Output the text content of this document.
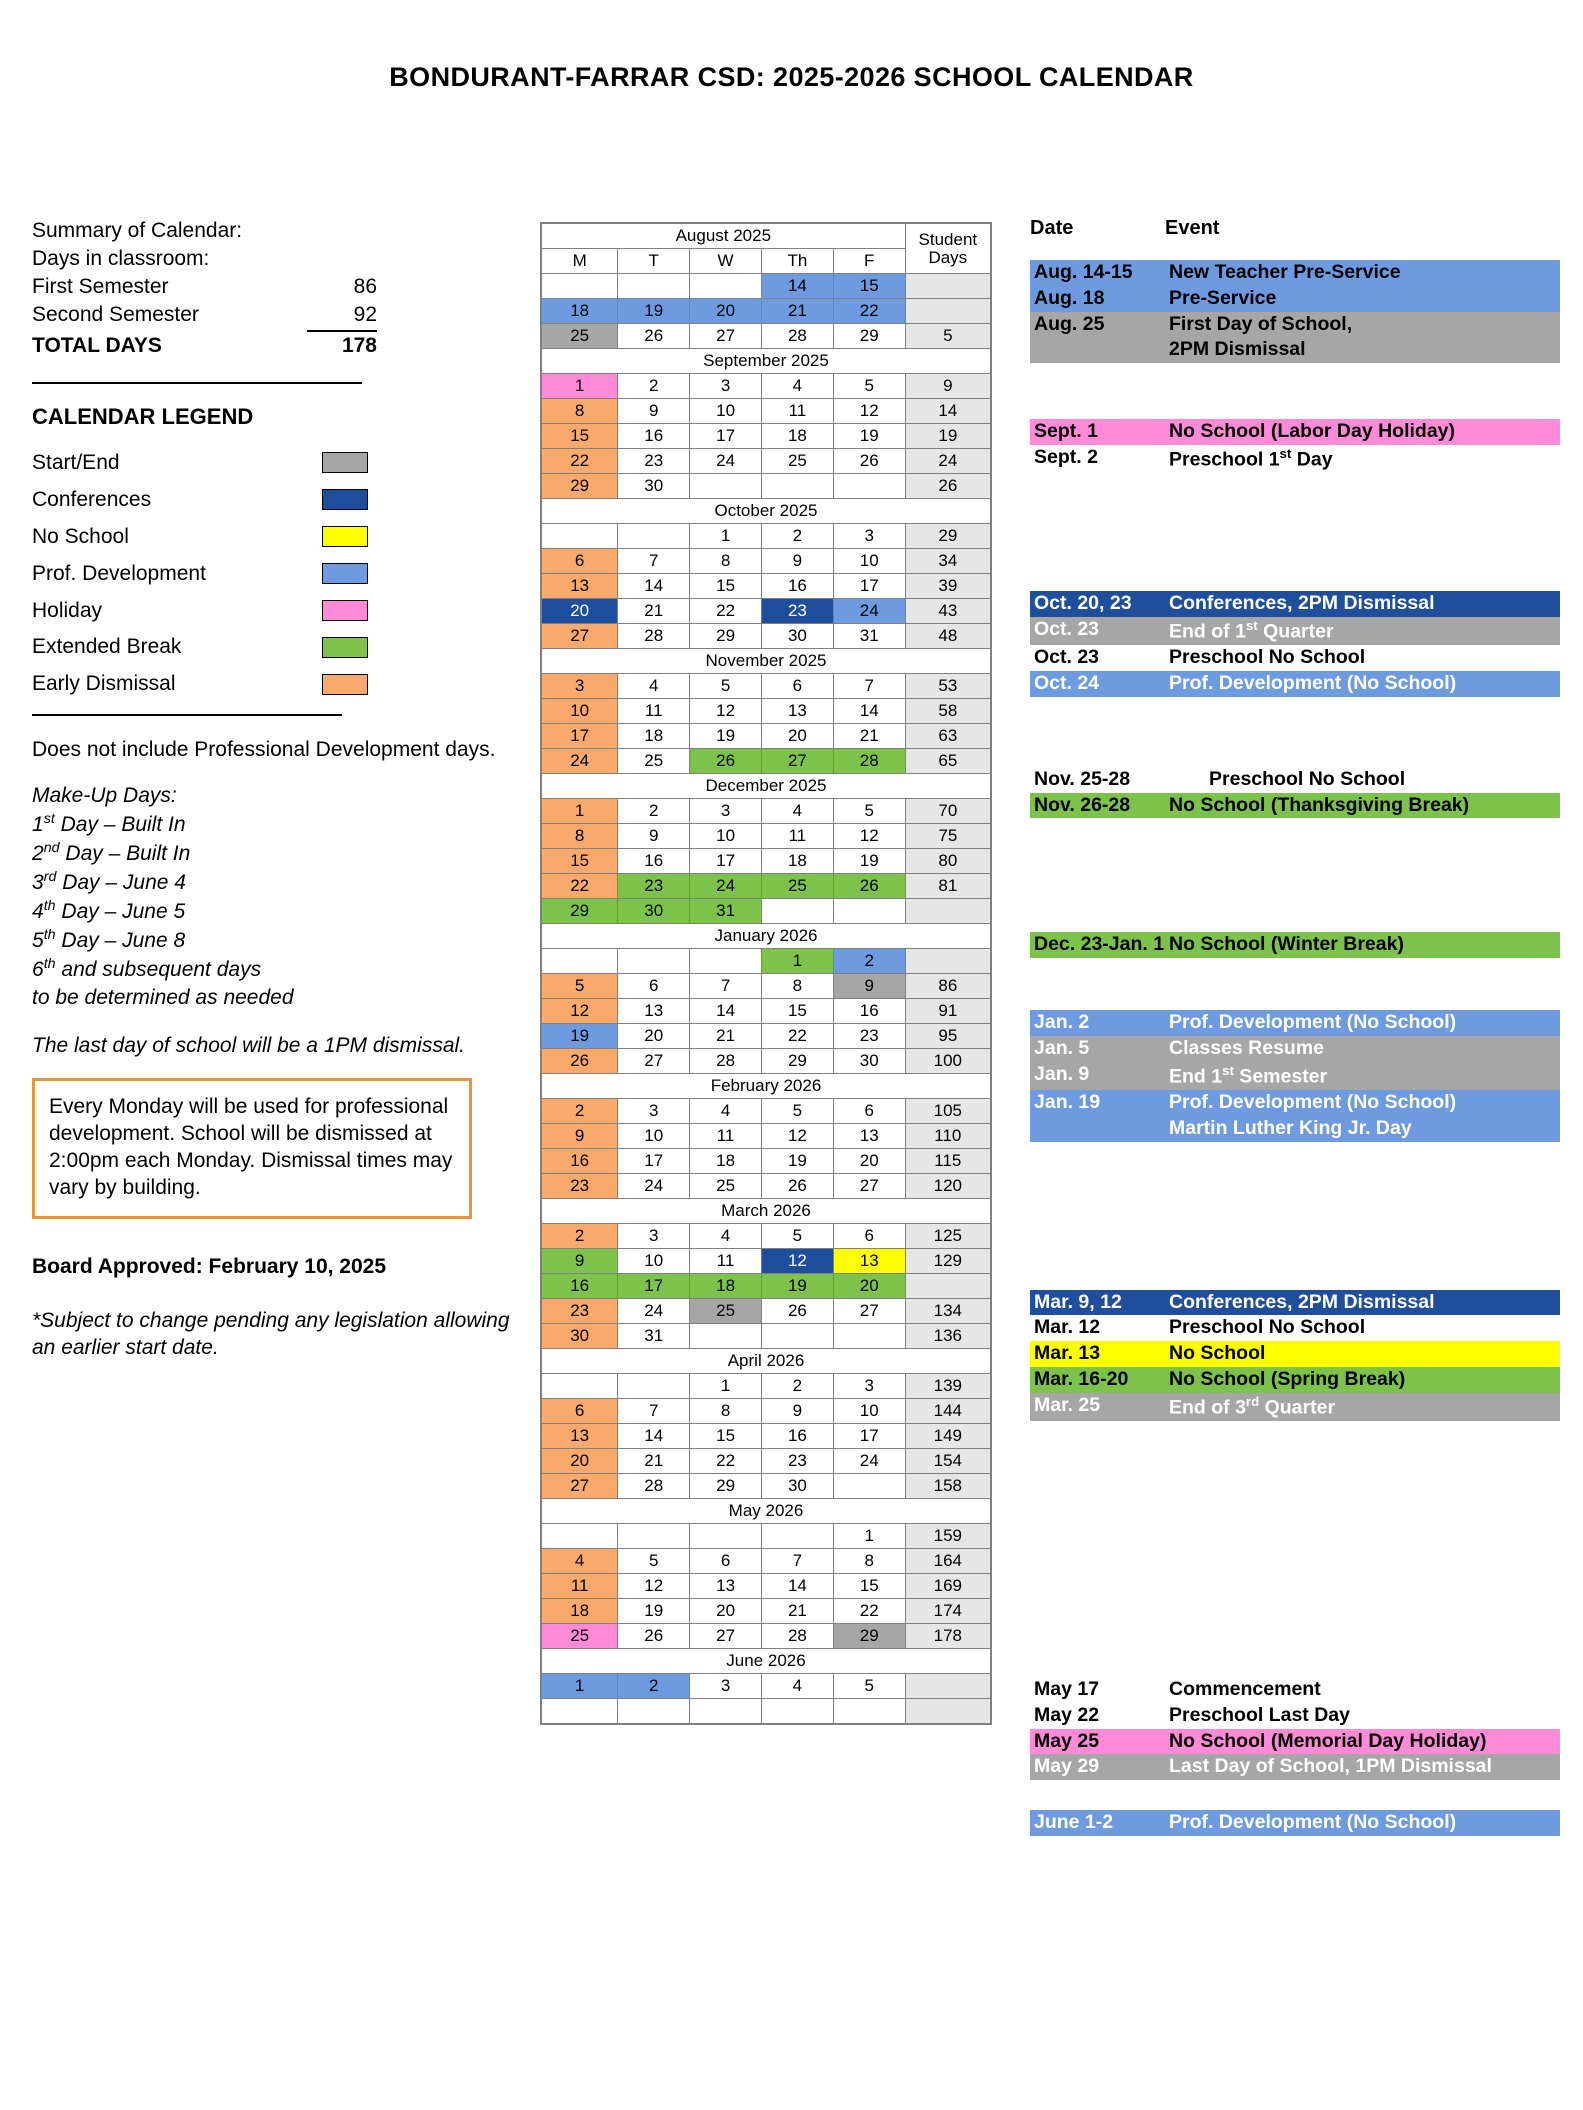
BONDURANT-FARRAR CSD: 2025-2026 SCHOOL CALENDAR
Summary of Calendar:
Days in classroom:
First Semester	86
Second Semester	92
TOTAL DAYS	178
CALENDAR LEGEND
Start/End
Conferences
No School
Prof. Development
Holiday
Extended Break
Early Dismissal
Does not include Professional Development days.
Make-Up Days:
1st Day – Built In
2nd Day – Built In
3rd Day – June 4
4th Day – June 5
5th Day – June 8
6th and subsequent days
to be determined as needed
The last day of school will be a 1PM dismissal.
Every Monday will be used for professional development. School will be dismissed at 2:00pm each Monday. Dismissal times may vary by building.
Board Approved: February 10, 2025
*Subject to change pending any legislation allowing an earlier start date.
August 2025					Student
Days
M	T	W	Th	F	
			14	15	
18	19	20	21	22	
25	26	27	28	29	5
September 2025					
1	2	3	4	5	9
8	9	10	11	12	14
15	16	17	18	19	19
22	23	24	25	26	24
29	30				26
October 2025					
		1	2	3	29
6	7	8	9	10	34
13	14	15	16	17	39
20	21	22	23	24	43
27	28	29	30	31	48
November 2025					
3	4	5	6	7	53
10	11	12	13	14	58
17	18	19	20	21	63
24	25	26	27	28	65
December 2025					
1	2	3	4	5	70
8	9	10	11	12	75
15	16	17	18	19	80
22	23	24	25	26	81
29	30	31			
January 2026					
			1	2	
5	6	7	8	9	86
12	13	14	15	16	91
19	20	21	22	23	95
26	27	28	29	30	100
February 2026					
2	3	4	5	6	105
9	10	11	12	13	110
16	17	18	19	20	115
23	24	25	26	27	120
March 2026					
2	3	4	5	6	125
9	10	11	12	13	129
16	17	18	19	20	
23	24	25	26	27	134
30	31				136
April 2026					
		1	2	3	139
6	7	8	9	10	144
13	14	15	16	17	149
20	21	22	23	24	154
27	28	29	30		158
May 2026					
				1	159
4	5	6	7	8	164
11	12	13	14	15	169
18	19	20	21	22	174
25	26	27	28	29	178
June 2026					
1	2	3	4	5	

Date	Event
Aug. 14-15	New Teacher Pre-Service
Aug. 18	Pre-Service
Aug. 25	First Day of School,
2PM Dismissal
Sept. 1	No School (Labor Day Holiday)
Sept. 2	Preschool 1st Day
Oct. 20, 23	Conferences, 2PM Dismissal
Oct. 23	End of 1st Quarter
Oct. 23	Preschool No School
Oct. 24	Prof. Development (No School)
Nov. 25-28	Preschool No School
Nov. 26-28	No School (Thanksgiving Break)
Dec. 23-Jan. 1 No School (Winter Break)
Jan. 2	Prof. Development (No School)
Jan. 5	Classes Resume
Jan. 9	End 1st Semester
Jan. 19	Prof. Development (No School)
Martin Luther King Jr. Day
Mar. 9, 12	Conferences, 2PM Dismissal
Mar. 12	Preschool No School
Mar. 13	No School
Mar. 16-20	No School (Spring Break)
Mar. 25	End of 3rd Quarter
May 17	Commencement
May 22	Preschool Last Day
May 25	No School (Memorial Day Holiday)
May 29	Last Day of School, 1PM Dismissal
June 1-2	Prof. Development (No School)
